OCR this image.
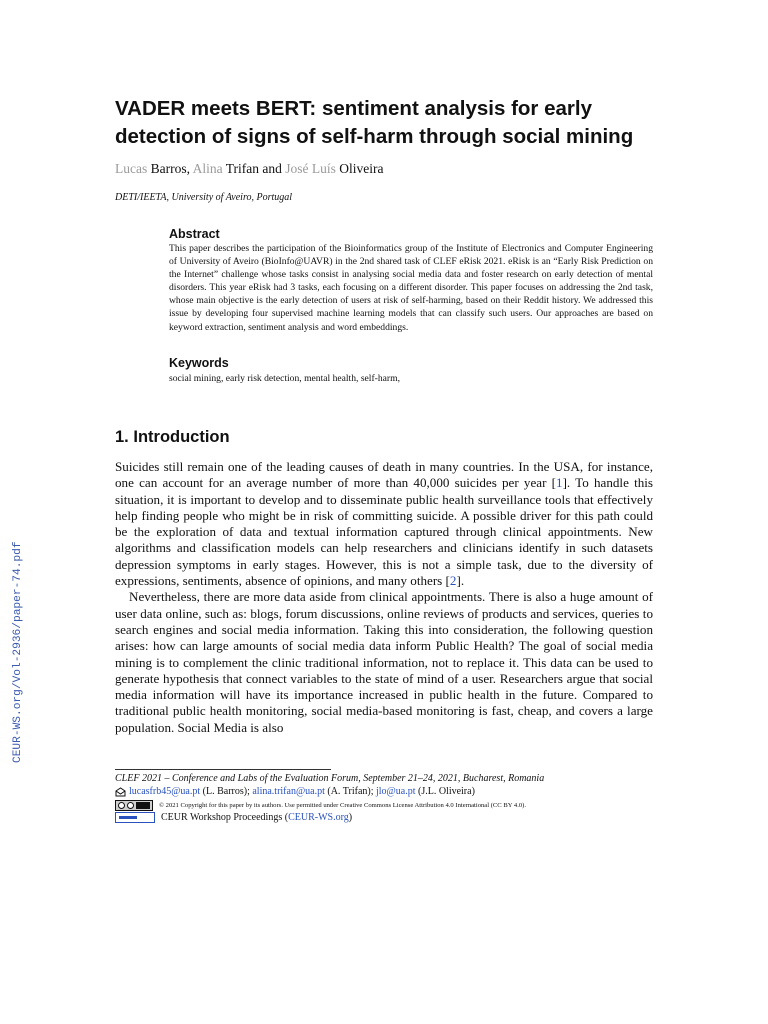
CEUR-WS.org/Vol-2936/paper-74.pdf
VADER meets BERT: sentiment analysis for early detection of signs of self-harm through social mining
Lucas Barros, Alina Trifan and José Luís Oliveira
DETI/IEETA, University of Aveiro, Portugal
Abstract

This paper describes the participation of the Bioinformatics group of the Institute of Electronics and Computer Engineering of University of Aveiro (BioInfo@UAVR) in the 2nd shared task of CLEF eRisk 2021. eRisk is an “Early Risk Prediction on the Internet” challenge whose tasks consist in analysing social media data and foster research on early detection of mental disorders. This year eRisk had 3 tasks, each focusing on a different disorder. This paper focuses on addressing the 2nd task, whose main objective is the early detection of users at risk of self-harming, based on their Reddit history. We addressed this issue by developing four supervised machine learning models that can classify such users. Our approaches are based on keyword extraction, sentiment analysis and word embeddings.

Keywords
social mining, early risk detection, mental health, self-harm,
1. Introduction

Suicides still remain one of the leading causes of death in many countries. In the USA, for instance, one can account for an average number of more than 40,000 suicides per year [1]. To handle this situation, it is important to develop and to disseminate public health surveillance tools that effectively help finding people who might be in risk of committing suicide. A possible driver for this path could be the exploration of data and textual information captured through clinical appointments. New algorithms and classification models can help researchers and clinicians identify in such datasets depression symptoms in early stages. However, this is not a simple task, due to the diversity of expressions, sentiments, absence of opinions, and many others [2].

Nevertheless, there are more data aside from clinical appointments. There is also a huge amount of user data online, such as: blogs, forum discussions, online reviews of products and services, queries to search engines and social media information. Taking this into consideration, the following question arises: how can large amounts of social media data inform Public Health? The goal of social media mining is to complement the clinic traditional information, not to replace it. This data can be used to generate hypothesis that connect variables to the state of mind of a user. Researchers argue that social media information will have its importance increased in public health in the future. Compared to traditional public health monitoring, social media-based monitoring is fast, cheap, and covers a large population. Social Media is also

CLEF 2021 – Conference and Labs of the Evaluation Forum, September 21–24, 2021, Bucharest, Romania
lucasfrb45@ua.pt (L. Barros); alina.trifan@ua.pt (A. Trifan); jlo@ua.pt (J.L. Oliveira)
© 2021 Copyright for this paper by its authors. Use permitted under Creative Commons License Attribution 4.0 International (CC BY 4.0).
CEUR Workshop Proceedings ( CEUR-WS.org )
